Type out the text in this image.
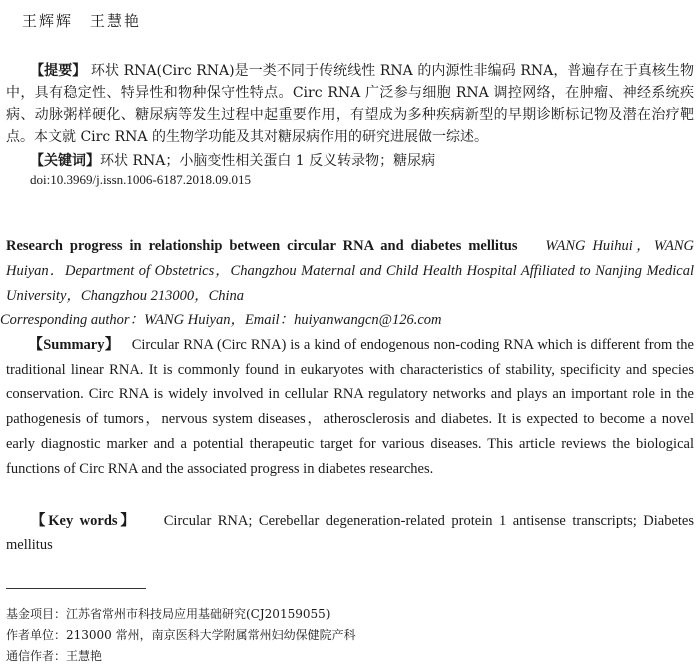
王辉辉　王慧艳
【提要】 环状 RNA(Circ RNA)是一类不同于传统线性 RNA 的内源性非编码 RNA，普遍存在于真核生物中，具有稳定性、特异性和物种保守性特点。Circ RNA 广泛参与细胞 RNA 调控网络，在肿瘤、神经系统疾病、动脉粥样硬化、糖尿病等发生过程中起重要作用，有望成为多种疾病新型的早期诊断标记物及潜在治疗靶点。本文就 Circ RNA 的生物学功能及其对糖尿病作用的研究进展做一综述。
【关键词】环状 RNA；小脑变性相关蛋白 1 反义转录物；糖尿病
doi:10.3969/j.issn.1006-6187.2018.09.015
Research progress in relationship between circular RNA and diabetes mellitus WANG Huihui，WANG Huiyan．Department of Obstetrics，Changzhou Maternal and Child Health Hospital Affiliated to Nanjing Medical University，Changzhou 213000，China
Corresponding author：WANG Huiyan，Email：huiyanwangcn@126.com
【Summary】 Circular RNA (Circ RNA) is a kind of endogenous non-coding RNA which is different from the traditional linear RNA. It is commonly found in eukaryotes with characteristics of stability, specificity and species conservation. Circ RNA is widely involved in cellular RNA regulatory networks and plays an important role in the pathogenesis of tumors，nervous system diseases，atherosclerosis and diabetes. It is expected to become a novel early diagnostic marker and a potential therapeutic target for various diseases. This article reviews the biological functions of Circ RNA and the associated progress in diabetes researches.
【Key words】 Circular RNA; Cerebellar degeneration-related protein 1 antisense transcripts; Diabetes mellitus
基金项目：江苏省常州市科技局应用基础研究(CJ20159055)
作者单位：213000 常州，南京医科大学附属常州妇幼保健院产科
通信作者：王慧艳
